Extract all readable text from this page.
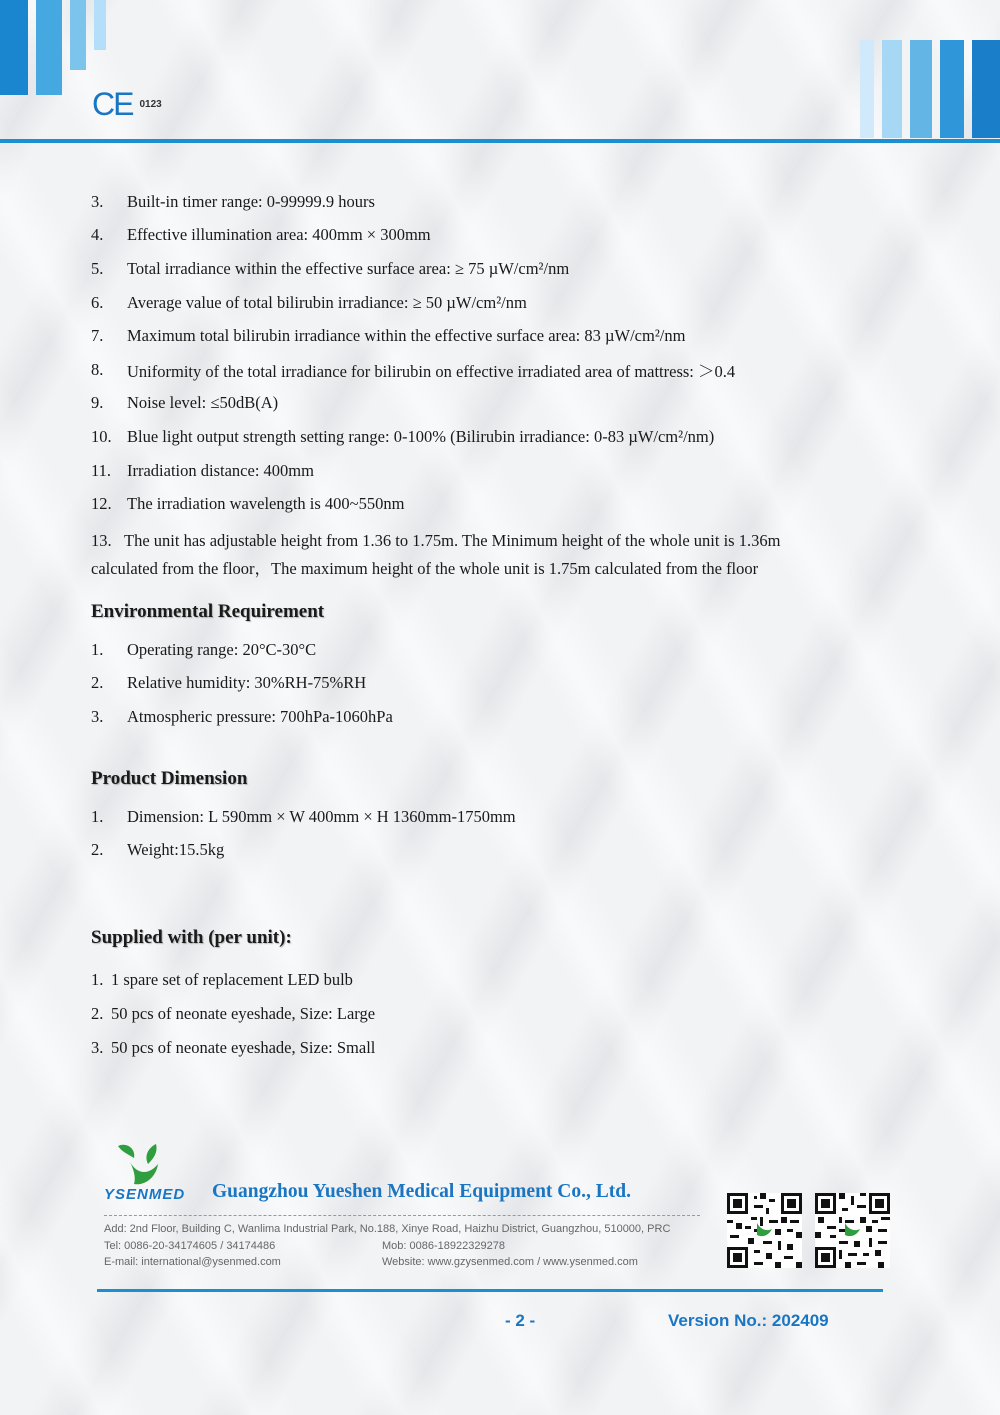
CE 0123
3.	Built-in timer range: 0-99999.9 hours
4.	Effective illumination area: 400mm × 300mm
5.	Total irradiance within the effective surface area: ≥ 75 µW/cm²/nm
6.	Average value of total bilirubin irradiance: ≥ 50 µW/cm²/nm
7.	Maximum total bilirubin irradiance within the effective surface area: 83 µW/cm²/nm
8.	Uniformity of the total irradiance for bilirubin on effective irradiated area of mattress: ＞0.4
9.	Noise level: ≤50dB(A)
10. Blue light output strength setting range: 0-100% (Bilirubin irradiance: 0-83 µW/cm²/nm)
11. Irradiation distance: 400mm
12. The irradiation wavelength is 400~550nm
13. The unit has adjustable height from 1.36 to 1.75m. The Minimum height of the whole unit is 1.36m
calculated from the floor，The maximum height of the whole unit is 1.75m calculated from the floor
Environmental Requirement
1.	Operating range: 20°C-30°C
2.	Relative humidity: 30%RH-75%RH
3.	Atmospheric pressure: 700hPa-1060hPa
Product Dimension
1.	Dimension: L 590mm × W 400mm × H 1360mm-1750mm
2.	Weight:15.5kg
Supplied with (per unit):
1. 1 spare set of replacement LED bulb
2. 50 pcs of neonate eyeshade, Size: Large
3. 50 pcs of neonate eyeshade, Size: Small
YSENMED Guangzhou Yueshen Medical Equipment Co., Ltd.
Add: 2nd Floor, Building C, Wanlima Industrial Park, No.188, Xinye Road, Haizhu District, Guangzhou, 510000, PRC
Tel: 0086-20-34174605 / 34174486	Mob: 0086-18922329278
E-mail: international@ysenmed.com	Website: www.gzysenmed.com / www.ysenmed.com
- 2 -	Version No.: 202409
